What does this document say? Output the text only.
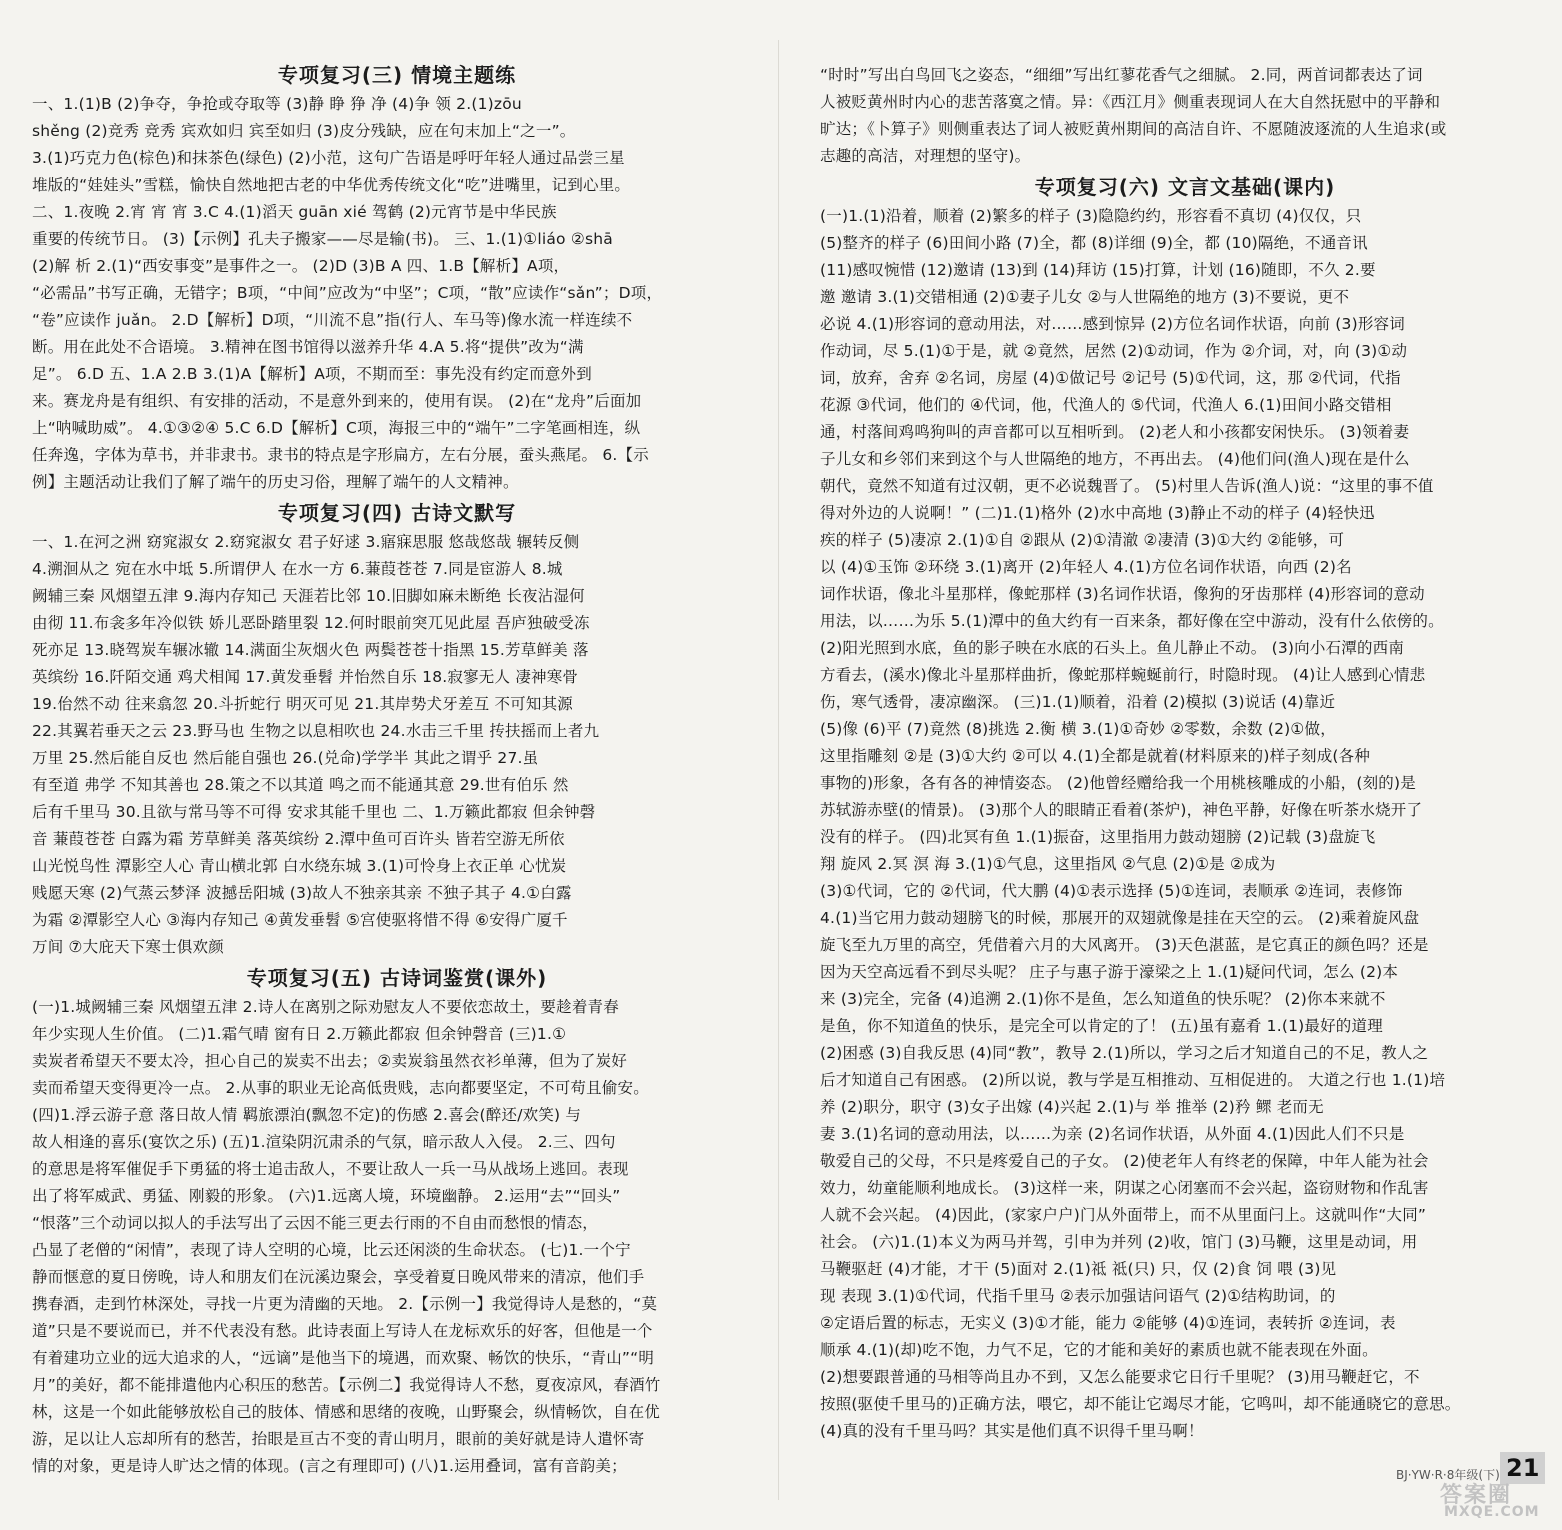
专项复习(三) 情境主题练
一、1.(1)B (2)争夺，争抢或夺取等 (3)静 睁 狰 净 (4)争 领 2.(1)zōu
shěng (2)竞秀 竞秀 宾欢如归 宾至如归 (3)皮分残缺，应在句末加上“之一”。
3.(1)巧克力色(棕色)和抹茶色(绿色) (2)小范，这句广告语是呼吁年轻人通过品尝三星
堆版的“娃娃头”雪糕，愉快自然地把古老的中华优秀传统文化“吃”进嘴里，记到心里。
二、1.夜晚 2.宵 宵 宵 3.C 4.(1)滔天 guān xié 驾鹤 (2)元宵节是中华民族
重要的传统节日。 (3)【示例】孔夫子搬家——尽是输(书)。 三、1.(1)①liáo ②shā
(2)解 析 2.(1)“西安事变”是事件之一。 (2)D (3)B A 四、1.B【解析】A项，
“必需品”书写正确，无错字；B项，“中间”应改为“中坚”；C项，“散”应读作“sǎn”；D项，
“卷”应读作 juǎn。 2.D【解析】D项，“川流不息”指(行人、车马等)像水流一样连续不
断。用在此处不合语境。 3.精神在图书馆得以滋养升华 4.A 5.将“提供”改为“满
足”。 6.D 五、1.A 2.B 3.(1)A【解析】A项，不期而至：事先没有约定而意外到
来。赛龙舟是有组织、有安排的活动，不是意外到来的，使用有误。 (2)在“龙舟”后面加
上“呐喊助威”。 4.①③②④ 5.C 6.D【解析】C项，海报三中的“端午”二字笔画相连，纵
任奔逸，字体为草书，并非隶书。隶书的特点是字形扁方，左右分展，蚕头燕尾。 6.【示
例】主题活动让我们了解了端午的历史习俗，理解了端午的人文精神。
专项复习(四) 古诗文默写
一、1.在河之洲 窈窕淑女 2.窈窕淑女 君子好逑 3.寤寐思服 悠哉悠哉 辗转反侧
4.溯洄从之 宛在水中坻 5.所谓伊人 在水一方 6.蒹葭苍苍 7.同是宦游人 8.城
阙辅三秦 风烟望五津 9.海内存知己 天涯若比邻 10.旧脚如麻未断绝 长夜沾湿何
由彻 11.布衾多年冷似铁 娇儿恶卧踏里裂 12.何时眼前突兀见此屋 吾庐独破受冻
死亦足 13.晓驾炭车辗冰辙 14.满面尘灰烟火色 两鬓苍苍十指黑 15.芳草鲜美 落
英缤纷 16.阡陌交通 鸡犬相闻 17.黄发垂髫 并怡然自乐 18.寂寥无人 凄神寒骨
19.佁然不动 往来翕忽 20.斗折蛇行 明灭可见 21.其岸势犬牙差互 不可知其源
22.其翼若垂天之云 23.野马也 生物之以息相吹也 24.水击三千里 抟扶摇而上者九
万里 25.然后能自反也 然后能自强也 26.(兑命)学学半 其此之谓乎 27.虽
有至道 弗学 不知其善也 28.策之不以其道 鸣之而不能通其意 29.世有伯乐 然
后有千里马 30.且欲与常马等不可得 安求其能千里也 二、1.万籁此都寂 但余钟磬
音 蒹葭苍苍 白露为霜 芳草鲜美 落英缤纷 2.潭中鱼可百许头 皆若空游无所依
山光悦鸟性 潭影空人心 青山横北郭 白水绕东城 3.(1)可怜身上衣正单 心忧炭
贱愿天寒 (2)气蒸云梦泽 波撼岳阳城 (3)故人不独亲其亲 不独子其子 4.①白露
为霜 ②潭影空人心 ③海内存知己 ④黄发垂髫 ⑤宫使驱将惜不得 ⑥安得广厦千
万间 ⑦大庇天下寒士俱欢颜
专项复习(五) 古诗词鉴赏(课外)
(一)1.城阙辅三秦 风烟望五津 2.诗人在离别之际劝慰友人不要依恋故土，要趁着青春
年少实现人生价值。 (二)1.霜气晴 窗有日 2.万籁此都寂 但余钟磬音 (三)1.①
卖炭者希望天不要太冷，担心自己的炭卖不出去；②卖炭翁虽然衣衫单薄，但为了炭好
卖而希望天变得更冷一点。 2.从事的职业无论高低贵贱，志向都要坚定，不可苟且偷安。
(四)1.浮云游子意 落日故人情 羁旅漂泊(飘忽不定)的伤感 2.喜会(醉还/欢笑) 与
故人相逢的喜乐(宴饮之乐) (五)1.渲染阴沉肃杀的气氛，暗示敌人入侵。 2.三、四句
的意思是将军催促手下勇猛的将士追击敌人，不要让敌人一兵一马从战场上逃回。表现
出了将军威武、勇猛、刚毅的形象。 (六)1.远离人境，环境幽静。 2.运用“去”“回头”
“恨落”三个动词以拟人的手法写出了云因不能三更去行雨的不自由而愁恨的情态，
凸显了老僧的“闲情”，表现了诗人空明的心境，比云还闲淡的生命状态。 (七)1.一个宁
静而惬意的夏日傍晚，诗人和朋友们在沅溪边聚会，享受着夏日晚风带来的清凉，他们手
携春酒，走到竹林深处，寻找一片更为清幽的天地。 2.【示例一】我觉得诗人是愁的，“莫
道”只是不要说而已，并不代表没有愁。此诗表面上写诗人在龙标欢乐的好客，但他是一个
有着建功立业的远大追求的人，“远谪”是他当下的境遇，而欢聚、畅饮的快乐，“青山”“明
月”的美好，都不能排遣他内心积压的愁苦。【示例二】我觉得诗人不愁，夏夜凉风，春酒竹
林，这是一个如此能够放松自己的肢体、情感和思绪的夜晚，山野聚会，纵情畅饮，自在优
游，足以让人忘却所有的愁苦，抬眼是亘古不变的青山明月，眼前的美好就是诗人遣怀寄
情的对象，更是诗人旷达之情的体现。(言之有理即可) (八)1.运用叠词，富有音韵美；
“时时”写出白鸟回飞之姿态，“细细”写出红蓼花香气之细腻。 2.同，两首词都表达了词
人被贬黄州时内心的悲苦落寞之情。异：《西江月》侧重表现词人在大自然抚慰中的平静和
旷达；《卜算子》则侧重表达了词人被贬黄州期间的高洁自许、不愿随波逐流的人生追求(或
志趣的高洁，对理想的坚守)。
专项复习(六) 文言文基础(课内)
(一)1.(1)沿着，顺着 (2)繁多的样子 (3)隐隐约约，形容看不真切 (4)仅仅，只
(5)整齐的样子 (6)田间小路 (7)全，都 (8)详细 (9)全，都 (10)隔绝，不通音讯
(11)感叹惋惜 (12)邀请 (13)到 (14)拜访 (15)打算，计划 (16)随即，不久 2.要
邀 邀请 3.(1)交错相通 (2)①妻子儿女 ②与人世隔绝的地方 (3)不要说，更不
必说 4.(1)形容词的意动用法，对……感到惊异 (2)方位名词作状语，向前 (3)形容词
作动词，尽 5.(1)①于是，就 ②竟然，居然 (2)①动词，作为 ②介词，对，向 (3)①动
词，放弃，舍弃 ②名词，房屋 (4)①做记号 ②记号 (5)①代词，这，那 ②代词，代指
花源 ③代词，他们的 ④代词，他，代渔人的 ⑤代词，代渔人 6.(1)田间小路交错相
通，村落间鸡鸣狗叫的声音都可以互相听到。 (2)老人和小孩都安闲快乐。 (3)领着妻
子儿女和乡邻们来到这个与人世隔绝的地方，不再出去。 (4)他们问(渔人)现在是什么
朝代，竟然不知道有过汉朝，更不必说魏晋了。 (5)村里人告诉(渔人)说：“这里的事不值
得对外边的人说啊！” (二)1.(1)格外 (2)水中高地 (3)静止不动的样子 (4)轻快迅
疾的样子 (5)凄凉 2.(1)①自 ②跟从 (2)①清澈 ②凄清 (3)①大约 ②能够，可
以 (4)①玉饰 ②环绕 3.(1)离开 (2)年轻人 4.(1)方位名词作状语，向西 (2)名
词作状语，像北斗星那样，像蛇那样 (3)名词作状语，像狗的牙齿那样 (4)形容词的意动
用法，以……为乐 5.(1)潭中的鱼大约有一百来条，都好像在空中游动，没有什么依傍的。
(2)阳光照到水底，鱼的影子映在水底的石头上。鱼儿静止不动。 (3)向小石潭的西南
方看去，(溪水)像北斗星那样曲折，像蛇那样蜿蜒前行，时隐时现。 (4)让人感到心情悲
伤，寒气透骨，凄凉幽深。 (三)1.(1)顺着，沿着 (2)模拟 (3)说话 (4)靠近
(5)像 (6)平 (7)竟然 (8)挑选 2.衡 横 3.(1)①奇妙 ②零数，余数 (2)①做，
这里指雕刻 ②是 (3)①大约 ②可以 4.(1)全都是就着(材料原来的)样子刻成(各种
事物的)形象，各有各的神情姿态。 (2)他曾经赠给我一个用桃核雕成的小船，(刻的)是
苏轼游赤壁(的情景)。 (3)那个人的眼睛正看着(茶炉)，神色平静，好像在听茶水烧开了
没有的样子。 (四)北冥有鱼 1.(1)振奋，这里指用力鼓动翅膀 (2)记载 (3)盘旋飞
翔 旋风 2.冥 溟 海 3.(1)①气息，这里指风 ②气息 (2)①是 ②成为
(3)①代词，它的 ②代词，代大鹏 (4)①表示选择 (5)①连词，表顺承 ②连词，表修饰
4.(1)当它用力鼓动翅膀飞的时候，那展开的双翅就像是挂在天空的云。 (2)乘着旋风盘
旋飞至九万里的高空，凭借着六月的大风离开。 (3)天色湛蓝，是它真正的颜色吗？还是
因为天空高远看不到尽头呢？ 庄子与惠子游于濠梁之上 1.(1)疑问代词，怎么 (2)本
来 (3)完全，完备 (4)追溯 2.(1)你不是鱼，怎么知道鱼的快乐呢？ (2)你本来就不
是鱼，你不知道鱼的快乐，是完全可以肯定的了！ (五)虽有嘉肴 1.(1)最好的道理
(2)困惑 (3)自我反思 (4)同“教”，教导 2.(1)所以，学习之后才知道自己的不足，教人之
后才知道自己有困惑。 (2)所以说，教与学是互相推动、互相促进的。 大道之行也 1.(1)培
养 (2)职分，职守 (3)女子出嫁 (4)兴起 2.(1)与 举 推举 (2)矜 鳏 老而无
妻 3.(1)名词的意动用法，以……为亲 (2)名词作状语，从外面 4.(1)因此人们不只是
敬爱自己的父母，不只是疼爱自己的子女。 (2)使老年人有终老的保障，中年人能为社会
效力，幼童能顺利地成长。 (3)这样一来，阴谋之心闭塞而不会兴起，盗窃财物和作乱害
人就不会兴起。 (4)因此，(家家户户)门从外面带上，而不从里面闩上。这就叫作“大同”
社会。 (六)1.(1)本义为两马并驾，引申为并列 (2)收，馆门 (3)马鞭，这里是动词，用
马鞭驱赶 (4)才能，才干 (5)面对 2.(1)祗 祗(只) 只，仅 (2)食 饲 喂 (3)见
现 表现 3.(1)①代词，代指千里马 ②表示加强诘问语气 (2)①结构助词，的
②定语后置的标志，无实义 (3)①才能，能力 ②能够 (4)①连词，表转折 ②连词，表
顺承 4.(1)(却)吃不饱，力气不足，它的才能和美好的素质也就不能表现在外面。
(2)想要跟普通的马相等尚且办不到，又怎么能要求它日行千里呢？ (3)用马鞭赶它，不
按照(驱使千里马的)正确方法，喂它，却不能让它竭尽才能，它鸣叫，却不能通晓它的意思。
(4)真的没有千里马吗？其实是他们真不识得千里马啊！
BJ·YW·R·8年级(下) 21
答案圈
MXQE.COM
